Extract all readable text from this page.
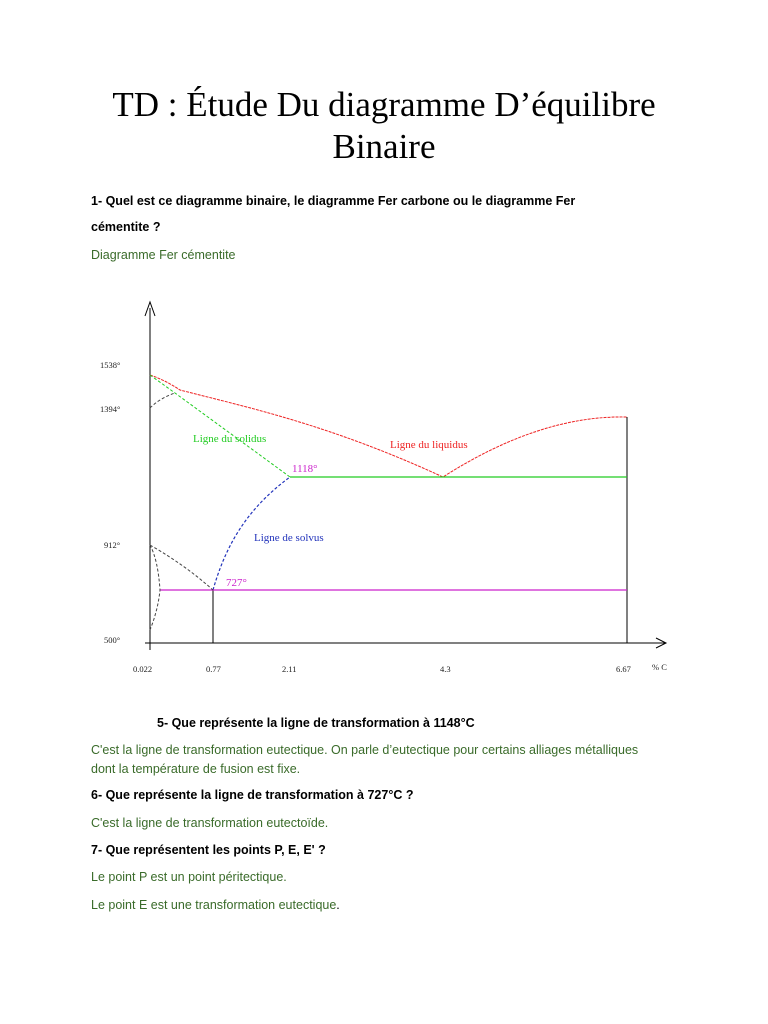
TD : Étude Du diagramme D’équilibre
Binaire
1- Quel est ce diagramme binaire, le diagramme Fer carbone ou le diagramme Fer
cémentite ?
Diagramme Fer cémentite
1538°
1394°
912°
500°
0.022	0.77	2.11	4.3	6.67 % C
Ligne du solidus	Ligne du liquidus
Ligne de solvus
1118°
727°
5- Que représente la ligne de transformation à 1148°C
C'est la ligne de transformation eutectique. On parle d’eutectique pour certains alliages métalliques
dont la température de fusion est fixe.
6- Que représente la ligne de transformation à 727°C ?
C'est la ligne de transformation eutectoïde.
7- Que représentent les points P, E, E' ?
Le point P est un point péritectique.
Le point E est une transformation eutectique.
